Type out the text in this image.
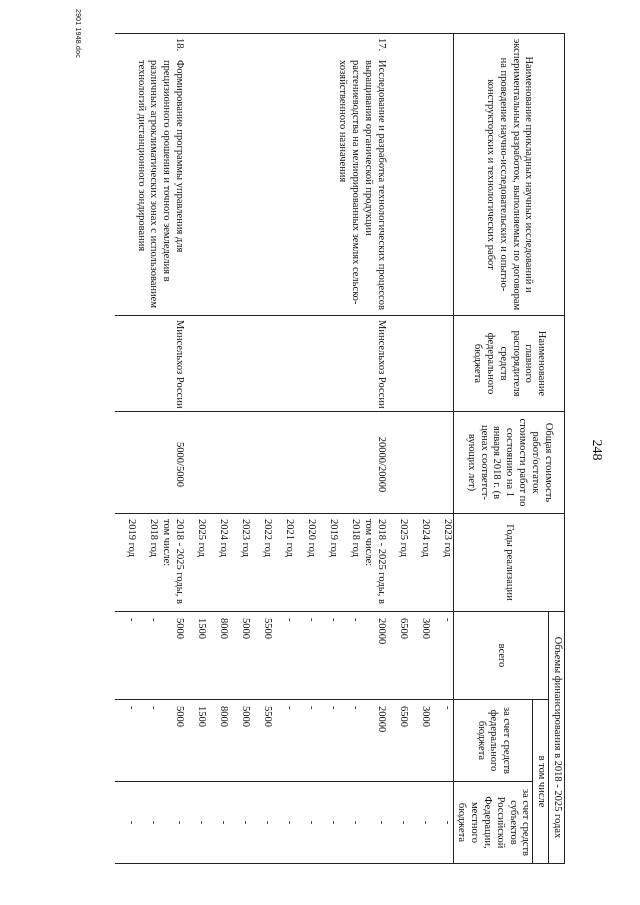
248
Наименование прикладных научных исследований и экспериментальных разработок, выполняемых по договорам на проведение научно-исследовательских и опытно-конструкторских и технологических работ	Наименование главного распорядителя средств федерального бюджета	Общая стоимость работ/остаток стоимости работ по состоянию на 1 января 2018 г. (в ценах соответст-вующих лет)	Годы реализации	Объемы финансирования в 2018 - 2025 годах		
				всего	в том числе	
					за счет средств федерального бюджета	за счет средств субъектов Российской Федерации, местного бюджета
			2023 год	-	-	-
			2024 год	3000	3000	-
			2025 год	6500	6500	-
17.Исследование и разработка технологических процессов выращивания органической продукции растениеводства на мелиорированных землях сельско-хозяйственного назначения	Минсельхоз России	20000/20000	2018 - 2025 годы, в том числе:	20000	20000	-
			2018 год	-	-	-
			2019 год	-	-	-
			2020 год	-	-	-
			2021 год	-	-	-
			2022 год	5500	5500	-
			2023 год	5000	5000	-
			2024 год	8000	8000	-
			2025 год	1500	1500	-
18.Формирование программы управления для прецизионного орошения и точного земледелия в различных агроклиматических зонах с использованием технологий дистанционного зондирования	Минсельхоз России	5000/5000	2018 - 2025 годы, в том числе:	5000	5000	-
			2018 год	-	-	-
			2019 год	-	-	-
2901 1948.doc
